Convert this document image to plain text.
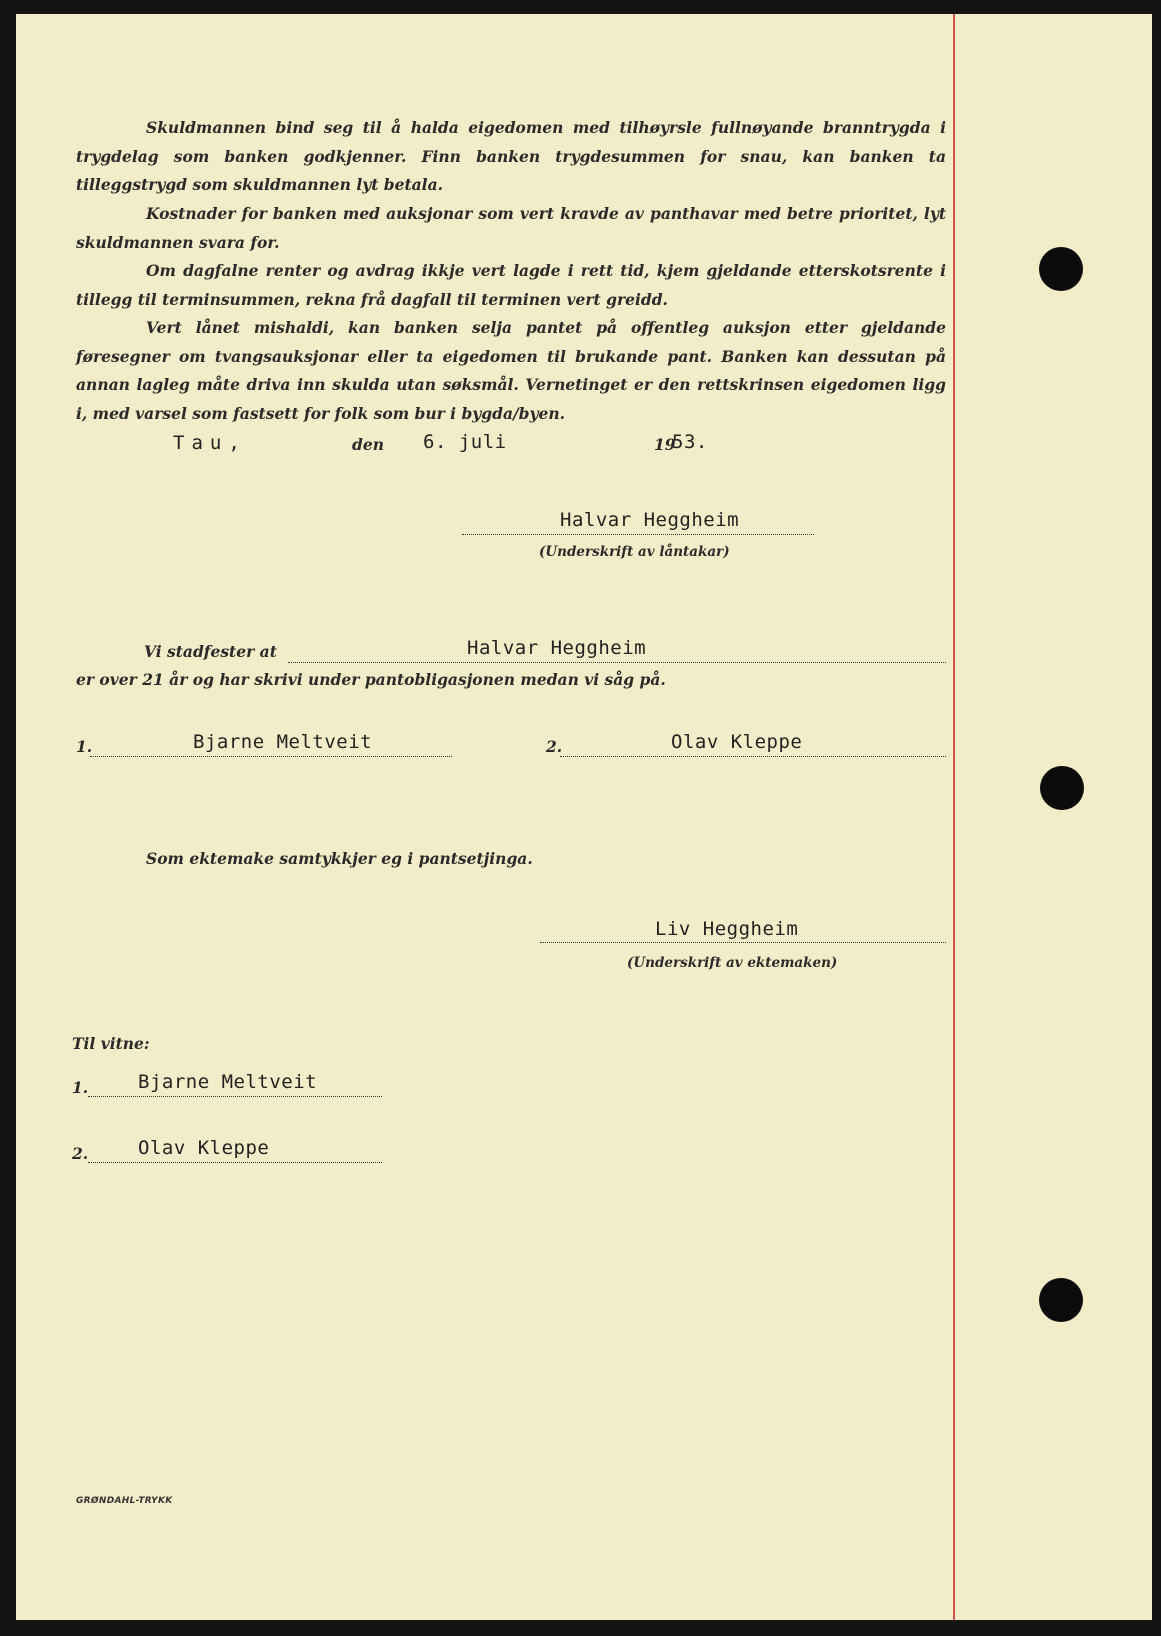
Skuldmannen bind seg til å halda eigedomen med tilhøyrsle fullnøyande branntrygda i trygdelag som banken godkjenner. Finn banken trygdesummen for snau, kan banken ta tilleggstrygd som skuldmannen lyt betala.

Kostnader for banken med auksjonar som vert kravde av panthavar med betre prioritet, lyt skuldmannen svara for.

Om dagfalne renter og avdrag ikkje vert lagde i rett tid, kjem gjeldande etterskotsrente i tillegg til terminsummen, rekna frå dagfall til terminen vert greidd.

Vert lånet mishaldi, kan banken selja pantet på offentleg auksjon etter gjeldande føresegner om tvangsauksjonar eller ta eigedomen til brukande pant. Banken kan dessutan på annan lagleg måte driva inn skulda utan søksmål. Vernetinget er den rettskrinsen eigedomen ligg i, med varsel som fastsett for folk som bur i bygda/byen.

Tau,	den 6. juli	19
53.
Halvar Heggheim
(Underskrift av låntakar)
Vi stadfester at	Halvar Heggheim
er over 21 år og har skrivi under pantobligasjonen medan vi såg på.
1.	Bjarne Meltveit	2.	Olav Kleppe
Som ektemake samtykkjer eg i pantsetjinga.
Liv Heggheim
(Underskrift av ektemaken)
Til vitne:
1.	Bjarne Meltveit
2.	Olav Kleppe
GRØNDAHL-TRYKK
